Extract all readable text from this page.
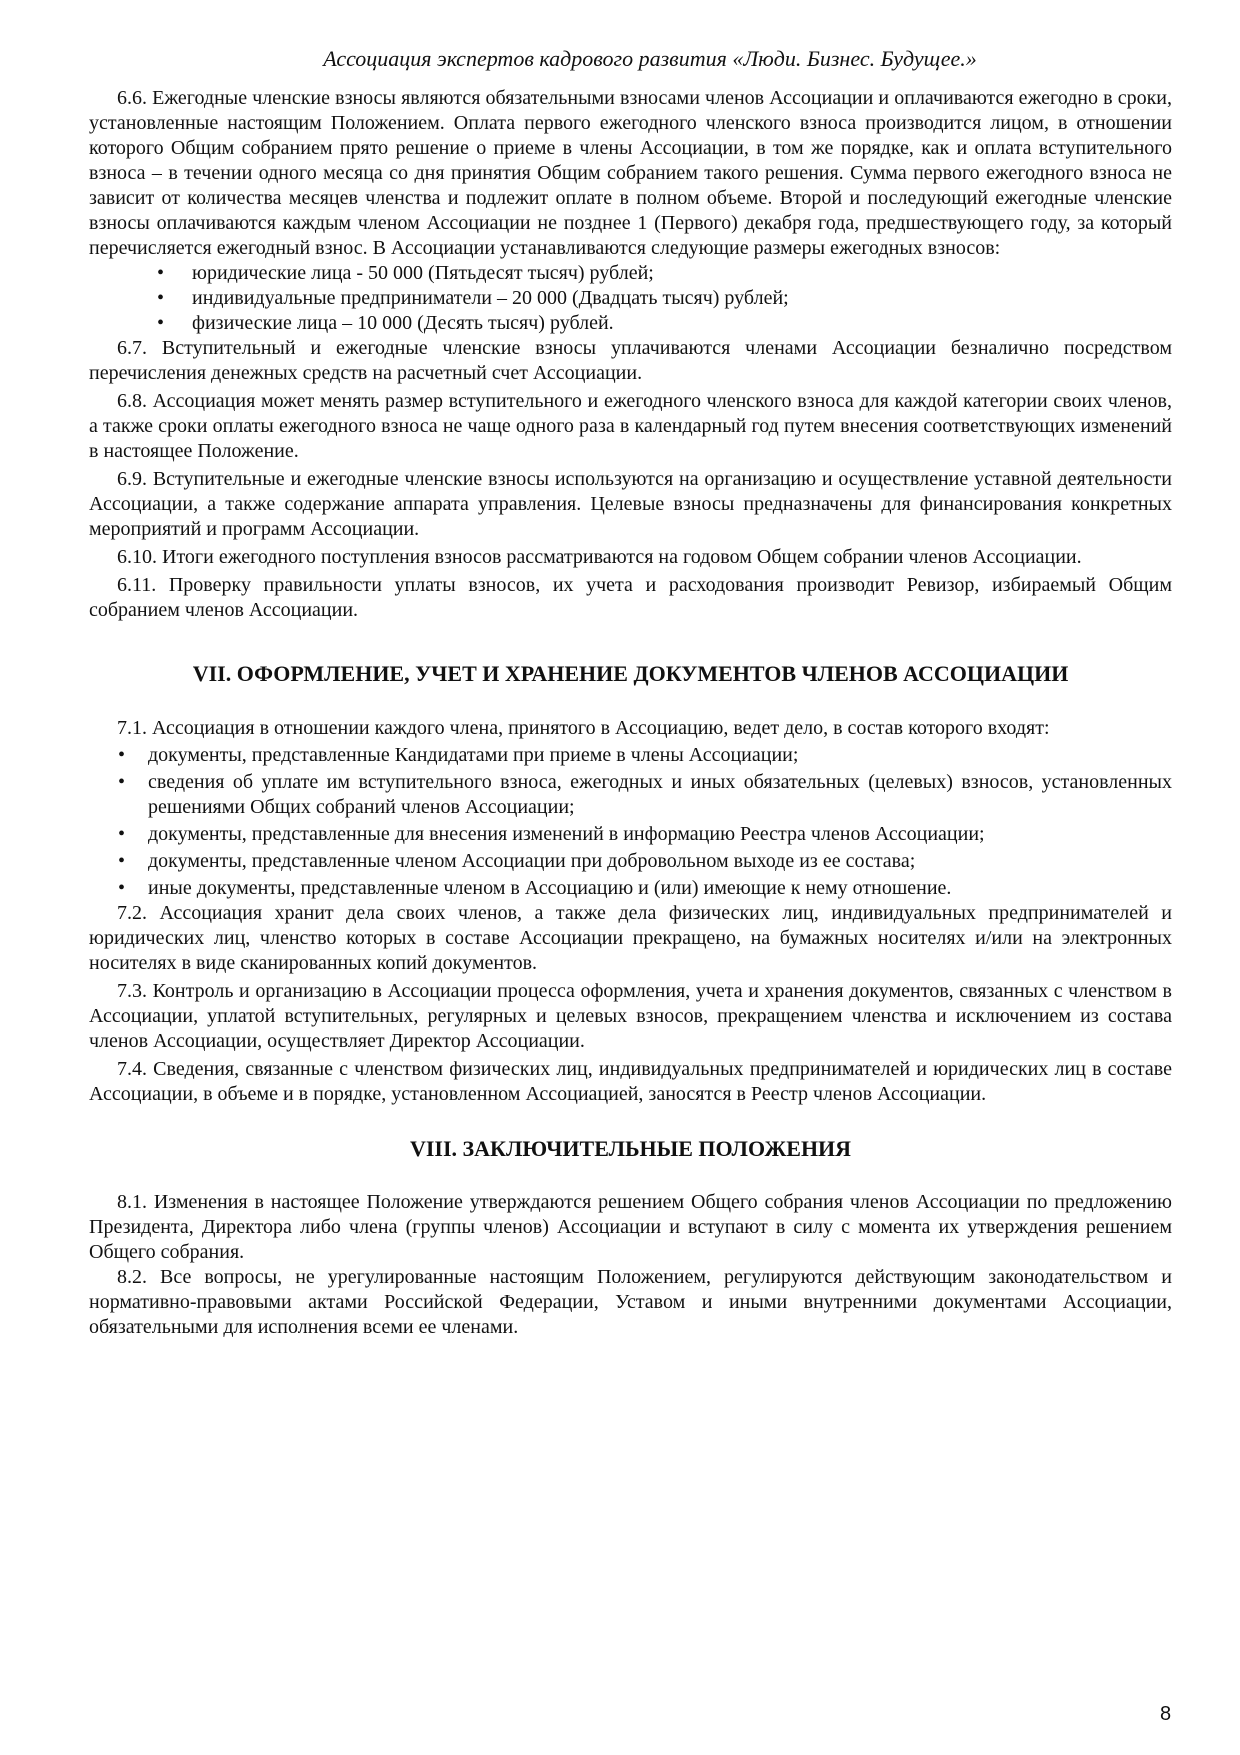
Ассоциация экспертов кадрового развития «Люди. Бизнес. Будущее.»

6.6. Ежегодные членские взносы являются обязательными взносами членов Ассоциации и оплачиваются ежегодно в сроки, установленные настоящим Положением. Оплата первого ежегодного членского взноса производится лицом, в отношении которого Общим собранием прято решение о приеме в члены Ассоциации, в том же порядке, как и оплата вступительного взноса – в течении одного месяца со дня принятия Общим собранием такого решения. Сумма первого ежегодного взноса не зависит от количества месяцев членства и подлежит оплате в полном объеме. Второй и последующий ежегодные членские взносы оплачиваются каждым членом Ассоциации не позднее 1 (Первого) декабря года, предшествующего году, за который перечисляется ежегодный взнос. В Ассоциации устанавливаются следующие размеры ежегодных взносов:

• юридические лица - 50 000 (Пятьдесят тысяч) рублей;
• индивидуальные предприниматели – 20 000 (Двадцать тысяч) рублей;
• физические лица – 10 000 (Десять тысяч) рублей.

6.7. Вступительный и ежегодные членские взносы уплачиваются членами Ассоциации безналично посредством перечисления денежных средств на расчетный счет Ассоциации.

6.8. Ассоциация может менять размер вступительного и ежегодного членского взноса для каждой категории своих членов, а также сроки оплаты ежегодного взноса не чаще одного раза в календарный год путем внесения соответствующих изменений в настоящее Положение.

6.9. Вступительные и ежегодные членские взносы используются на организацию и осуществление уставной деятельности Ассоциации, а также содержание аппарата управления. Целевые взносы предназначены для финансирования конкретных мероприятий и программ Ассоциации.

6.10. Итоги ежегодного поступления взносов рассматриваются на годовом Общем собрании членов Ассоциации.

6.11. Проверку правильности уплаты взносов, их учета и расходования производит Ревизор, избираемый Общим собранием членов Ассоциации.

VII. ОФОРМЛЕНИЕ, УЧЕТ И ХРАНЕНИЕ ДОКУМЕНТОВ ЧЛЕНОВ АССОЦИАЦИИ

7.1. Ассоциация в отношении каждого члена, принятого в Ассоциацию, ведет дело, в состав которого входят:

• документы, представленные Кандидатами при приеме в члены Ассоциации;
• сведения об уплате им вступительного взноса, ежегодных и иных обязательных (целевых) взносов, установленных решениями Общих собраний членов Ассоциации;
• документы, представленные для внесения изменений в информацию Реестра членов Ассоциации;
• документы, представленные членом Ассоциации при добровольном выходе из ее состава;
• иные документы, представленные членом в Ассоциацию и (или) имеющие к нему отношение.

7.2. Ассоциация хранит дела своих членов, а также дела физических лиц, индивидуальных предпринимателей и юридических лиц, членство которых в составе Ассоциации прекращено, на бумажных носителях и/или на электронных носителях в виде сканированных копий документов.

7.3. Контроль и организацию в Ассоциации процесса оформления, учета и хранения документов, связанных с членством в Ассоциации, уплатой вступительных, регулярных и целевых взносов, прекращением членства и исключением из состава членов Ассоциации, осуществляет Директор Ассоциации.

7.4. Сведения, связанные с членством физических лиц, индивидуальных предпринимателей и юридических лиц в составе Ассоциации, в объеме и в порядке, установленном Ассоциацией, заносятся в Реестр членов Ассоциации.

VIII. ЗАКЛЮЧИТЕЛЬНЫЕ ПОЛОЖЕНИЯ

8.1. Изменения в настоящее Положение утверждаются решением Общего собрания членов Ассоциации по предложению Президента, Директора либо члена (группы членов) Ассоциации и вступают в силу с момента их утверждения решением Общего собрания.

8.2. Все вопросы, не урегулированные настоящим Положением, регулируются действующим законодательством и нормативно-правовыми актами Российской Федерации, Уставом и иными внутренними документами Ассоциации, обязательными для исполнения всеми ее членами.

8
